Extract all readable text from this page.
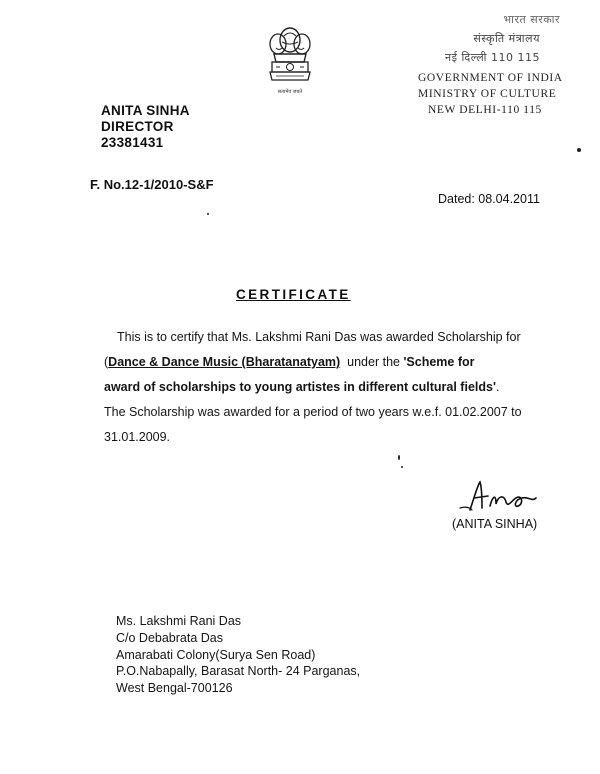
सत्यमेव जयते
भारत सरकार
संस्कृति मंत्रालय
नई दिल्ली 110 115
GOVERNMENT OF INDIA
MINISTRY OF CULTURE
NEW DELHI-110 115
ANITA SINHA
DIRECTOR
23381431
F. No.12-1/2010-S&F
Dated: 08.04.2011
CERTIFICATE
This is to certify that Ms. Lakshmi Rani Das was awarded Scholarship for
(Dance & Dance Music (Bharatanatyam)  under the 'Scheme for
award of scholarships to young artistes in different cultural fields'.
The Scholarship was awarded for a period of two years w.e.f. 01.02.2007 to
31.01.2009.
(ANITA SINHA)
Ms. Lakshmi Rani Das
C/o Debabrata Das
Amarabati Colony(Surya Sen Road)
P.O.Nabapally, Barasat North- 24 Parganas,
West Bengal-700126
